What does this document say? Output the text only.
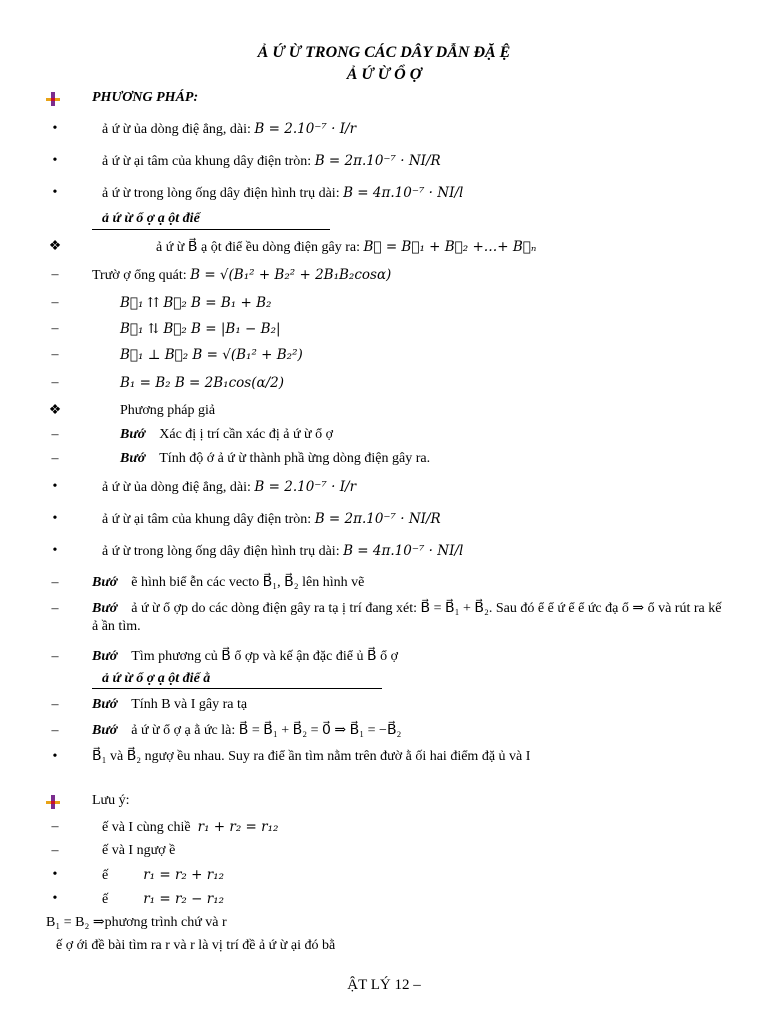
Ả Ứ Ừ TRONG CÁC DÂY DẪN ĐẶ Ệ
Ả Ứ Ừ Ổ Ợ
PHƯƠNG PHÁP:
•	ả ứ ừ ủa dòng điệ ẳng, dài: B = 2.10⁻⁷ · I/r
•	ả ứ ừ ại tâm của khung dây điện tròn: B = 2π.10⁻⁷ · NI/R
•	ả ứ ừ trong lòng ống dây điện hình trụ dài: B = 4π.10⁻⁷ · NI/l
ả ứ ừ ổ ợ ạ ột điể
❖	ả ứ ừ B⃗ ạ ột điể ều dòng điện gây ra: B⃗ = B⃗₁ + B⃗₂ +…+ B⃗ₙ
–	Trườ ợ ổng quát: B = √(B₁² + B₂² + 2B₁B₂cosα)
–	B⃗₁ ⇈ B⃗₂ B = B₁ + B₂
–	B⃗₁ ⇅ B⃗₂ B = |B₁ − B₂|
–	B⃗₁ ⊥ B⃗₂ B = √(B₁² + B₂²)
–	B₁ = B₂ B = 2B₁cos(α/2)
❖	Phương pháp giả
–	Bướ Xác đị ị trí cần xác đị ả ứ ừ ổ ợ
–	Bướ Tính độ ớ ả ứ ừ thành phầ ừng dòng điện gây ra.
•	ả ứ ừ ủa dòng điệ ẳng, dài: B = 2.10⁻⁷ · I/r
•	ả ứ ừ ại tâm của khung dây điện tròn: B = 2π.10⁻⁷ · NI/R
•	ả ứ ừ trong lòng ống dây điện hình trụ dài: B = 4π.10⁻⁷ · NI/l
–	Bướ ẽ hình biể ễn các vecto B⃗₁, B⃗₂ lên hình vẽ
–	Bướ ả ứ ừ ổ ợp do các dòng điện gây ra tạ ị trí đang xét: B⃗ = B⃗₁ + B⃗₂. Sau đó ể ể ứ ể ể ức đạ ổ ⇒ ổ và rút ra kế ả ần tìm.
–	Bướ Tìm phương củ B⃗ ổ ợp và kế ận đặc điể ủ B⃗ ổ ợ
ả ứ ừ ổ ợ ạ ột điể ằ
–	Bướ Tính B và I gây ra tạ
–	Bướ ả ứ ừ ổ ợ ạ ằ ức là: B⃗ = B⃗₁ + B⃗₂ = 0⃗ ⇒ B⃗₁ = −B⃗₂
•	B⃗₁ và B⃗₂ ngượ ều nhau. Suy ra điể ần tìm nằm trên đườ ằ ối hai điểm đặ ủ và I
Lưu ý:
–	ế và I cùng chiề r₁ + r₂ = r₁₂
–	ế và I ngượ ề
•	ế	r₁ = r₂ + r₁₂
•	ế	r₁ = r₂ − r₁₂
B₁ = B₂ ⇒phương trình chứ và r
ế ợ ới đề bài tìm ra r và r là vị trí đề ả ứ ừ ại đó bằ
ẬT LÝ 12 –
